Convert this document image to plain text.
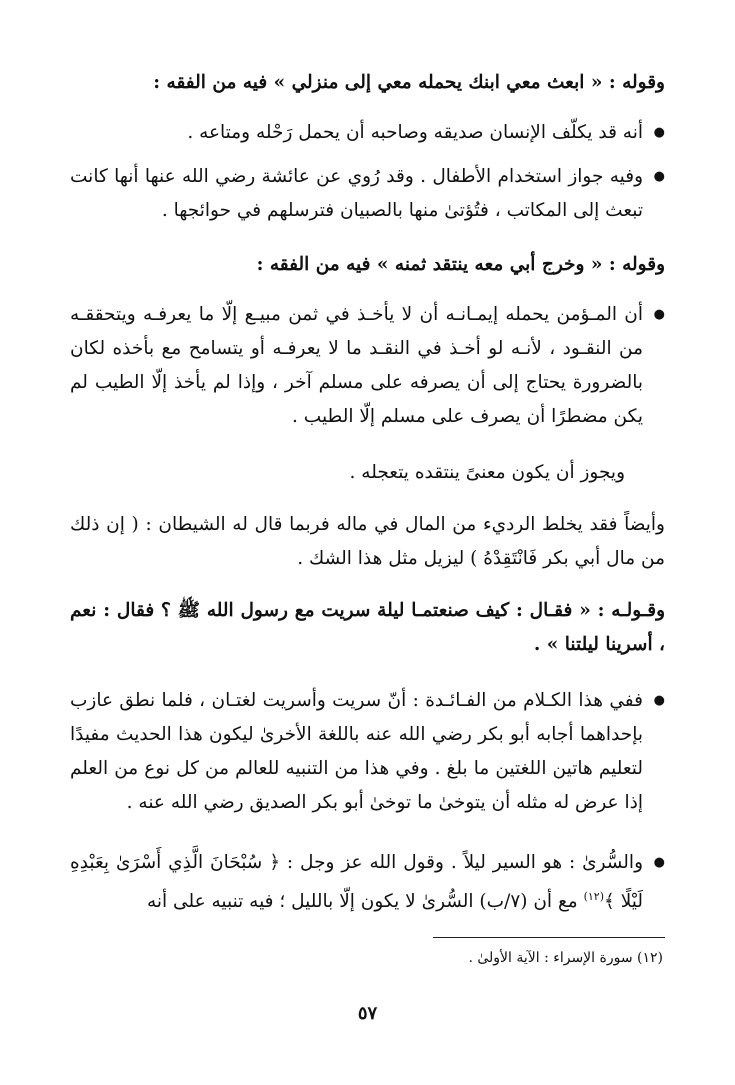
وقوله : « ابعث معي ابنك يحمله معي إلى منزلي » فيه من الفقه :
●
أنه قد يكلّف الإنسان صديقه وصاحبه أن يحمل رَحْله ومتاعه .
●
وفيه جواز استخدام الأطفال . وقد رُوي عن عائشة رضي الله عنها أنها كانت تبعث إلى المكاتب ، فتُؤتىٰ منها بالصبيان فترسلهم في حوائجها .
وقوله : « وخرج أبي معه ينتقد ثمنه » فيه من الفقه :
●
أن المـؤمن يحمله إيمـانـه أن لا يأخـذ في ثمن مبيـع إلّا ما يعرفـه ويتحققـه من النقـود ، لأنـه لو أخـذ في النقـد ما لا يعرفـه أو يتسامح مع بأخذه لكان بالضرورة يحتاج إلى أن يصرفه على مسلم آخر ، وإذا لم يأخذ إلّا الطيب لم يكن مضطرًا أن يصرف على مسلم إلّا الطيب .
ويجوز أن يكون معنىً ينتقده يتعجله .
وأيضاً فقد يخلط الرديء من المال في ماله فربما قال له الشيطان : ( إن ذلك من مال أبي بكر فَانْتَقِدْهُ ) ليزيل مثل هذا الشك .
وقـولـه : « فقـال : كيف صنعتمـا ليلة سريت مع رسول الله ﷺ ؟ فقال : نعم ، أسرينا ليلتنا » .
●
ففي هذا الكـلام من الفـائـدة : أنّ سريت وأسريت لغتـان ، فلما نطق عازب بإحداهما أجابه أبو بكر رضي الله عنه باللغة الأخرىٰ ليكون هذا الحديث مفيدًا لتعليم هاتين اللغتين ما بلغ . وفي هذا من التنبيه للعالم من كل نوع من العلم إذا عرض له مثله أن يتوخىٰ ما توخىٰ أبو بكر الصديق رضي الله عنه .
●
والسُّرىٰ : هو السير ليلاً . وقول الله عز وجل : ﴿ سُبْحَانَ الَّذِي أَسْرَىٰ بِعَبْدِهِ لَيْلًا ﴾$^{(١٢)}$ مع أن (٧/ب) السُّرىٰ لا يكون إلّا بالليل ؛ فيه تنبيه على أنه
(١٢) سورة الإسراء : الآية الأولىٰ .
٥٧
